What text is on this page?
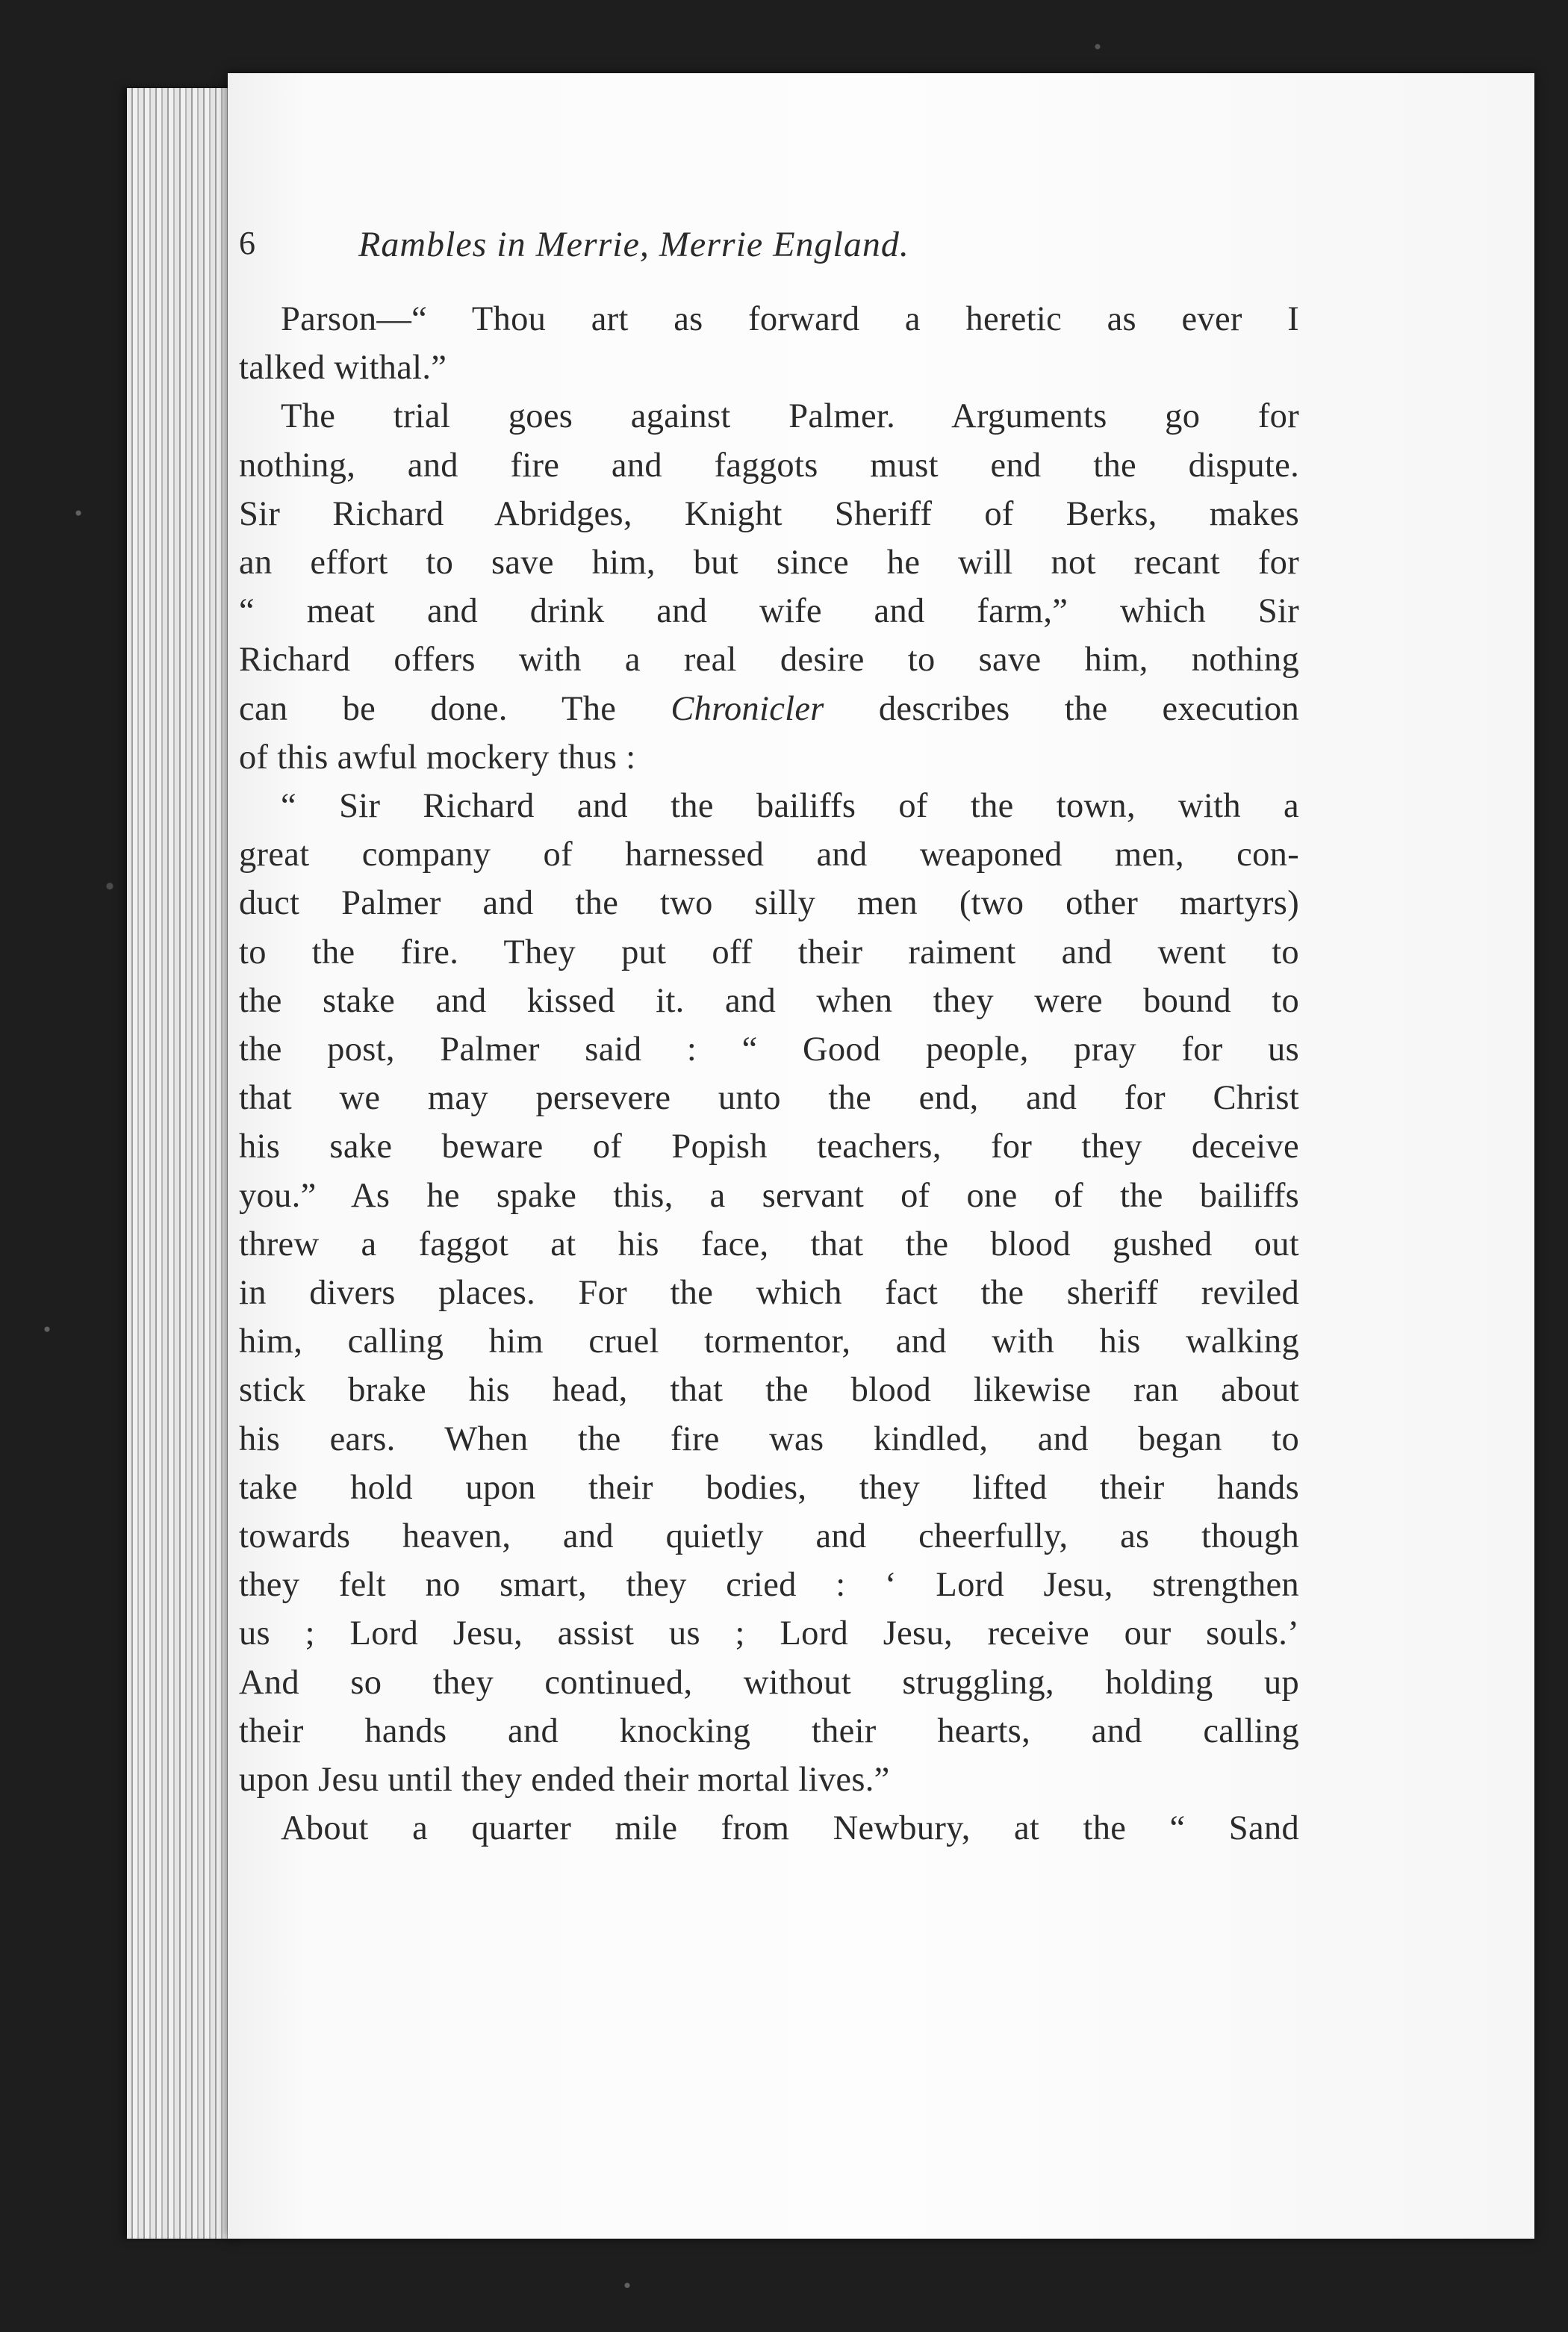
6	Rambles in Merrie, Merrie England.

Parson—“ Thou art as forward a heretic as ever I
talked withal.”

The trial goes against Palmer. Arguments go for
nothing, and fire and faggots must end the dispute.
Sir Richard Abridges, Knight Sheriff of Berks, makes
an effort to save him, but since he will not recant for
“ meat and drink and wife and farm,” which Sir
Richard offers with a real desire to save him, nothing
can be done. The Chronicler describes the execution
of this awful mockery thus :

“ Sir Richard and the bailiffs of the town, with a
great company of harnessed and weaponed men, con-
duct Palmer and the two silly men (two other martyrs)
to the fire. They put off their raiment and went to
the stake and kissed it. and when they were bound to
the post, Palmer said : “ Good people, pray for us
that we may persevere unto the end, and for Christ
his sake beware of Popish teachers, for they deceive
you.” As he spake this, a servant of one of the bailiffs
threw a faggot at his face, that the blood gushed out
in divers places. For the which fact the sheriff reviled
him, calling him cruel tormentor, and with his walking
stick brake his head, that the blood likewise ran about
his ears. When the fire was kindled, and began to
take hold upon their bodies, they lifted their hands
towards heaven, and quietly and cheerfully, as though
they felt no smart, they cried : ‘ Lord Jesu, strengthen
us ; Lord Jesu, assist us ; Lord Jesu, receive our souls.’
And so they continued, without struggling, holding up
their hands and knocking their hearts, and calling
upon Jesu until they ended their mortal lives.”

About a quarter mile from Newbury, at the “ Sand
